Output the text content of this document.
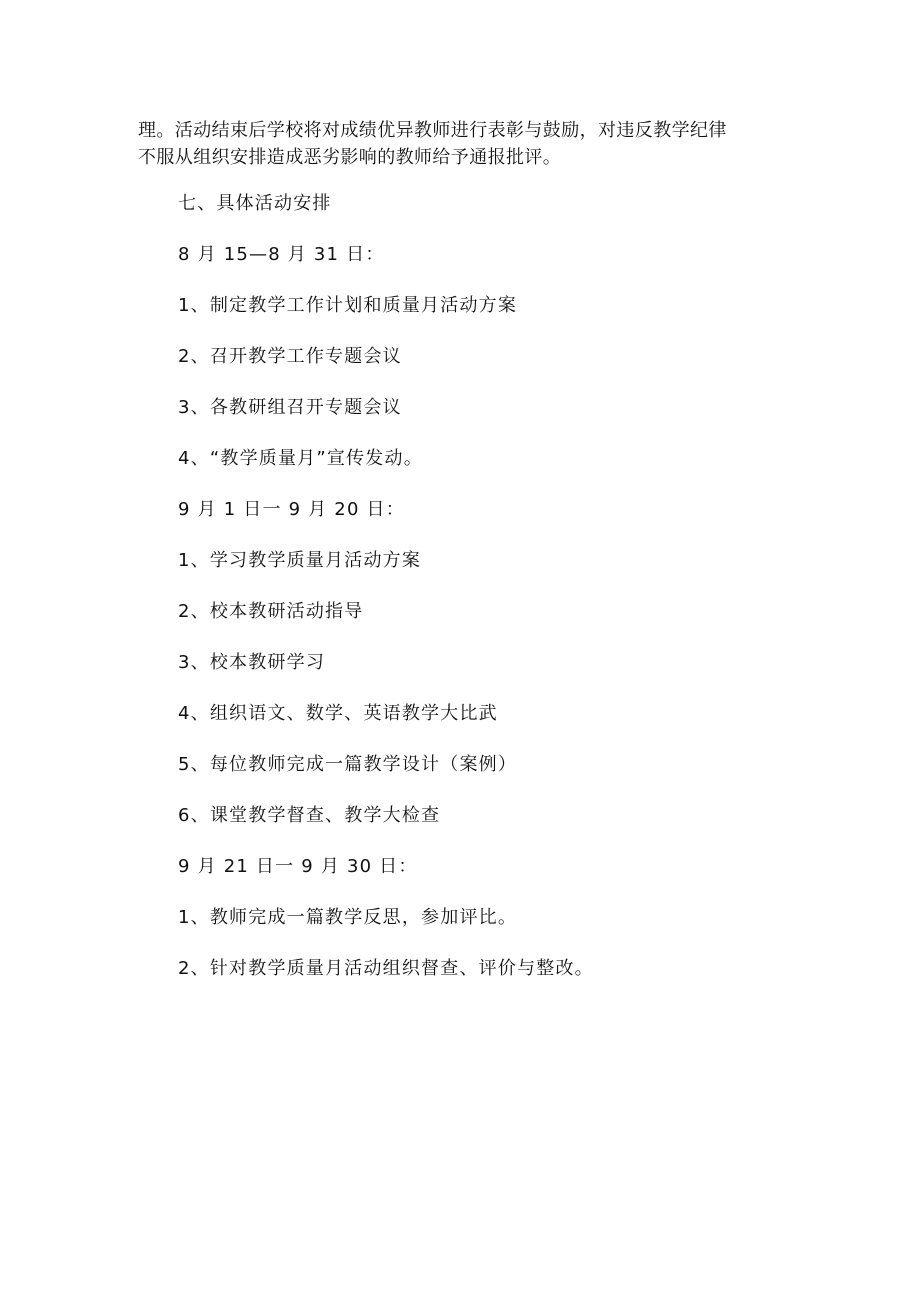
理。活动结束后学校将对成绩优异教师进行表彰与鼓励，对违反教学纪律

不服从组织安排造成恶劣影响的教师给予通报批评。

七、具体活动安排
8 月 15—8 月 31 日：
1、制定教学工作计划和质量月活动方案
2、召开教学工作专题会议
3、各教研组召开专题会议
4、“教学质量月”宣传发动。
9 月 1 日一 9 月 20 日：
1、学习教学质量月活动方案
2、校本教研活动指导
3、校本教研学习
4、组织语文、数学、英语教学大比武
5、每位教师完成一篇教学设计（案例）
6、课堂教学督查、教学大检查
9 月 21 日一 9 月 30 日：
1、教师完成一篇教学反思，参加评比。
2、针对教学质量月活动组织督查、评价与整改。
